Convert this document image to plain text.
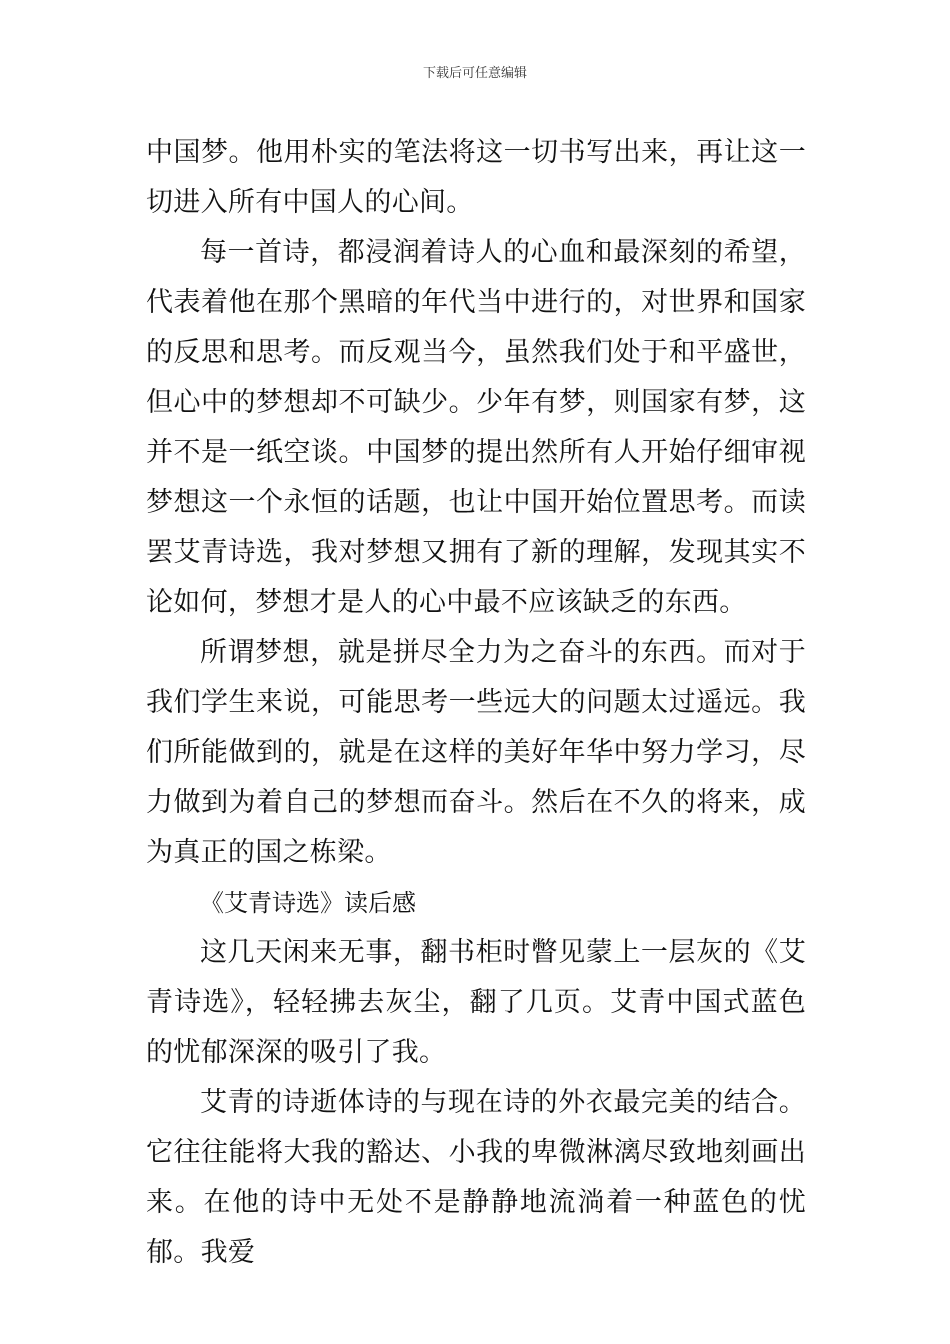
下载后可任意编辑

中国梦。他用朴实的笔法将这一切书写出来，再让这一切进入所有中国人的心间。

每一首诗，都浸润着诗人的心血和最深刻的希望，代表着他在那个黑暗的年代当中进行的，对世界和国家的反思和思考。而反观当今，虽然我们处于和平盛世，但心中的梦想却不可缺少。少年有梦，则国家有梦，这并不是一纸空谈。中国梦的提出然所有人开始仔细审视梦想这一个永恒的话题，也让中国开始位置思考。而读罢艾青诗选，我对梦想又拥有了新的理解，发现其实不论如何，梦想才是人的心中最不应该缺乏的东西。

所谓梦想，就是拼尽全力为之奋斗的东西。而对于我们学生来说，可能思考一些远大的问题太过遥远。我们所能做到的，就是在这样的美好年华中努力学习，尽力做到为着自己的梦想而奋斗。然后在不久的将来，成为真正的国之栋梁。

《艾青诗选》读后感

这几天闲来无事，翻书柜时瞥见蒙上一层灰的《艾青诗选》，轻轻拂去灰尘，翻了几页。艾青中国式蓝色的忧郁深深的吸引了我。

艾青的诗逝体诗的与现在诗的外衣最完美的结合。它往往能将大我的豁达、小我的卑微淋漓尽致地刻画出来。在他的诗中无处不是静静地流淌着一种蓝色的忧郁。我爱
